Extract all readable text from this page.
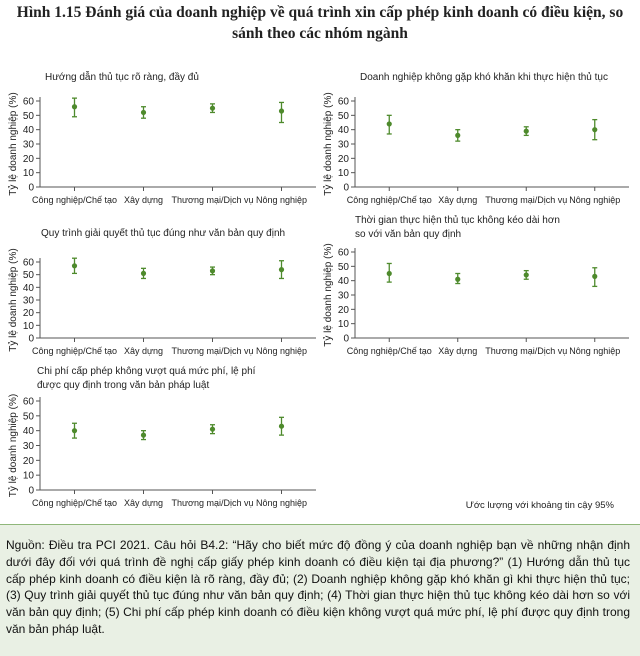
Hình 1.15 Đánh giá của doanh nghiệp về quá trình xin cấp phép kinh doanh có điều kiện, so sánh theo các nhóm ngành
Hướng dẫn thủ tục rõ ràng, đầy đủ
Tỷ lệ doanh nghiệp (%) 0
10
20
30
40
50
60
Công nghiệp/Chế tạo Xây dựng Thương mại/Dịch vụ Nông nghiệp
Doanh nghiệp không gặp khó khăn khi thực hiện thủ tục
Tỷ lệ doanh nghiệp (%) 0
10
20
30
40
50
60
Công nghiệp/Chế tạo Xây dựng Thương mại/Dịch vụ Nông nghiệp
Quy trình giải quyết thủ tục đúng như văn bản quy định
Tỷ lệ doanh nghiệp (%) 0
10
20
30
40
50
60
Công nghiệp/Chế tạo Xây dựng Thương mại/Dịch vụ Nông nghiệp
Thời gian thực hiện thủ tục không kéo dài hơn
so với văn bản quy định
Tỷ lệ doanh nghiệp (%) 0
10
20
30
40
50
60
Công nghiệp/Chế tạo Xây dựng Thương mại/Dịch vụ Nông nghiệp
Chi phí cấp phép không vượt quá mức phí, lệ phí
được quy định trong văn bản pháp luật
Tỷ lệ doanh nghiệp (%) 0
10
20
30
40
50
60
Công nghiệp/Chế tạo Xây dựng Thương mại/Dịch vụ Nông nghiệp	Ước lượng với khoảng tin cậy 95%
Nguồn: Điều tra PCI 2021. Câu hỏi B4.2: “Hãy cho biết mức độ đồng ý của doanh nghiệp bạn về những nhận định dưới đây đối với quá trình đề nghị cấp giấy phép kinh doanh có điều kiện tại địa phương?” (1) Hướng dẫn thủ tục cấp phép kinh doanh có điều kiện là rõ ràng, đầy đủ; (2) Doanh nghiệp không gặp khó khăn gì khi thực hiện thủ tục; (3) Quy trình giải quyết thủ tục đúng như văn bản quy định; (4) Thời gian thực hiện thủ tục không kéo dài hơn so với văn bản quy định; (5) Chi phí cấp phép kinh doanh có điều kiện không vượt quá mức phí, lệ phí được quy định trong văn bản pháp luật.
